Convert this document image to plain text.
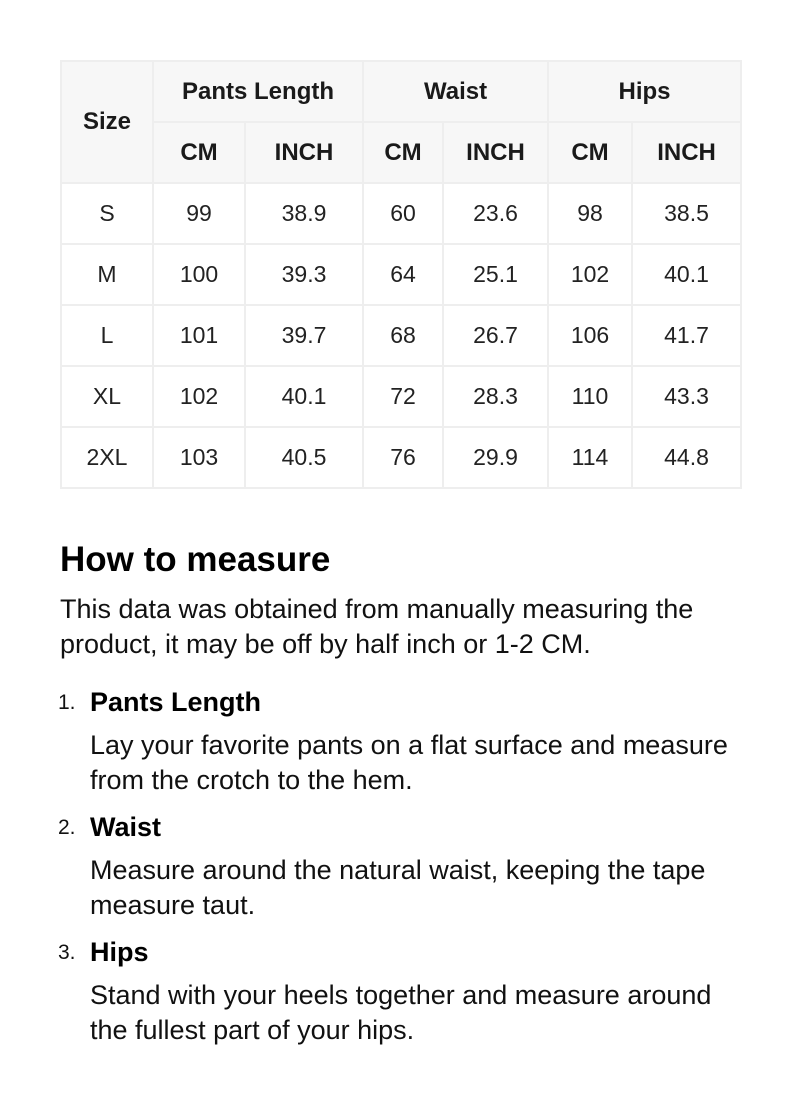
Size	Pants Length		Waist		Hips	
	CM	INCH	CM	INCH	CM	INCH
S	99	38.9	60	23.6	98	38.5
M	100	39.3	64	25.1	102	40.1
L	101	39.7	68	26.7	106	41.7
XL	102	40.1	72	28.3	110	43.3
2XL	103	40.5	76	29.9	114	44.8
How to measure

This data was obtained from manually measuring the product, it may be off by half inch or 1-2 CM.

1. Pants Length
Lay your favorite pants on a flat surface and measure from the crotch to the hem.
2. Waist
Measure around the natural waist, keeping the tape measure taut.
3. Hips
Stand with your heels together and measure around the fullest part of your hips.
